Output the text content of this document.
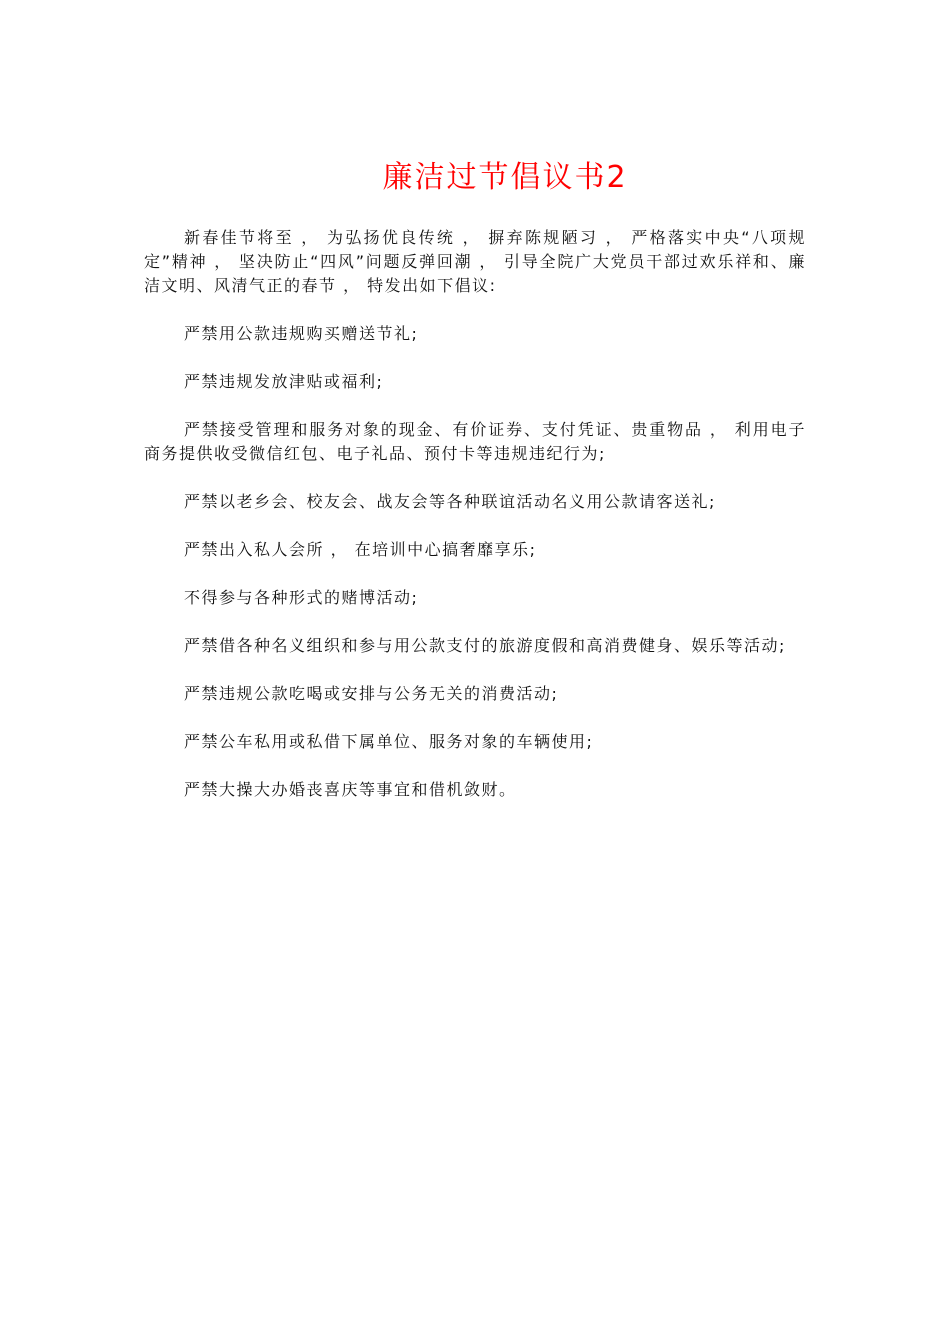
廉洁过节倡议书2

新春佳节将至 ， 为弘扬优良传统 ， 摒弃陈规陋习 ， 严格落实中央“八项规定”精神 ， 坚决防止“四风”问题反弹回潮 ， 引导全院广大党员干部过欢乐祥和、廉洁文明、风清气正的春节 ， 特发出如下倡议:

严禁用公款违规购买赠送节礼;

严禁违规发放津贴或福利;

严禁接受管理和服务对象的现金、有价证券、支付凭证、贵重物品 ， 利用电子商务提供收受微信红包、电子礼品、预付卡等违规违纪行为;

严禁以老乡会、校友会、战友会等各种联谊活动名义用公款请客送礼;

严禁出入私人会所 ， 在培训中心搞奢靡享乐;

不得参与各种形式的赌博活动;

严禁借各种名义组织和参与用公款支付的旅游度假和高消费健身、娱乐等活动;

严禁违规公款吃喝或安排与公务无关的消费活动;

严禁公车私用或私借下属单位、服务对象的车辆使用;

严禁大操大办婚丧喜庆等事宜和借机敛财。
